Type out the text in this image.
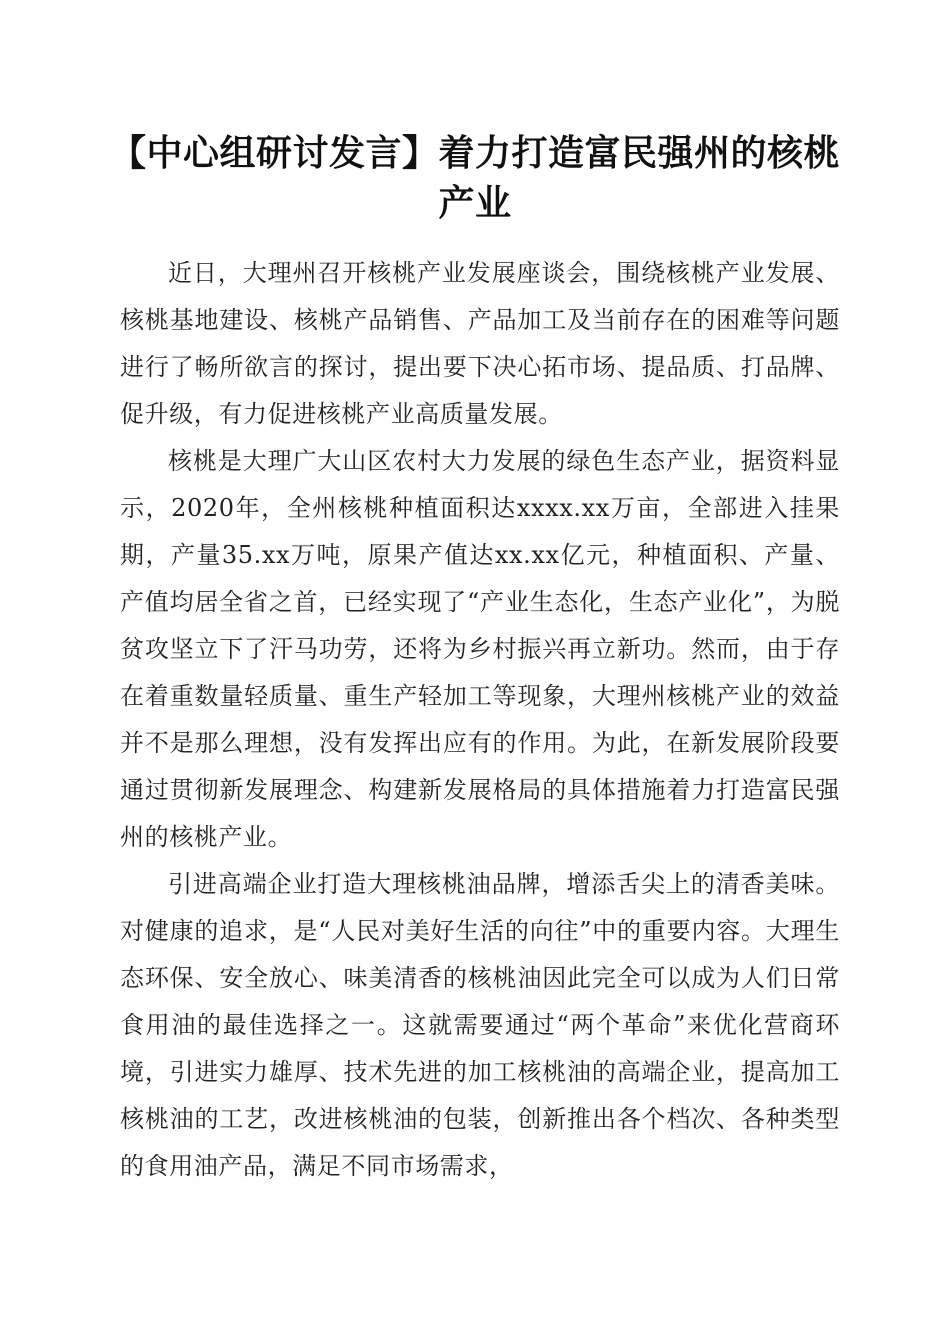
【中心组研讨发言】着力打造富民强州的核桃产业

近日，大理州召开核桃产业发展座谈会，围绕核桃产业发展、核桃基地建设、核桃产品销售、产品加工及当前存在的困难等问题进行了畅所欲言的探讨，提出要下决心拓市场、提品质、打品牌、促升级，有力促进核桃产业高质量发展。

核桃是大理广大山区农村大力发展的绿色生态产业，据资料显示，2020年，全州核桃种植面积达xxxx.xx万亩，全部进入挂果期，产量35.xx万吨，原果产值达xx.xx亿元，种植面积、产量、产值均居全省之首，已经实现了“产业生态化，生态产业化”，为脱贫攻坚立下了汗马功劳，还将为乡村振兴再立新功。然而，由于存在着重数量轻质量、重生产轻加工等现象，大理州核桃产业的效益并不是那么理想，没有发挥出应有的作用。为此，在新发展阶段要通过贯彻新发展理念、构建新发展格局的具体措施着力打造富民强州的核桃产业。

引进高端企业打造大理核桃油品牌，增添舌尖上的清香美味。对健康的追求，是“人民对美好生活的向往”中的重要内容。大理生态环保、安全放心、味美清香的核桃油因此完全可以成为人们日常食用油的最佳选择之一。这就需要通过“两个革命”来优化营商环境，引进实力雄厚、技术先进的加工核桃油的高端企业，提高加工核桃油的工艺，改进核桃油的包装，创新推出各个档次、各种类型的食用油产品，满足不同市场需求，
